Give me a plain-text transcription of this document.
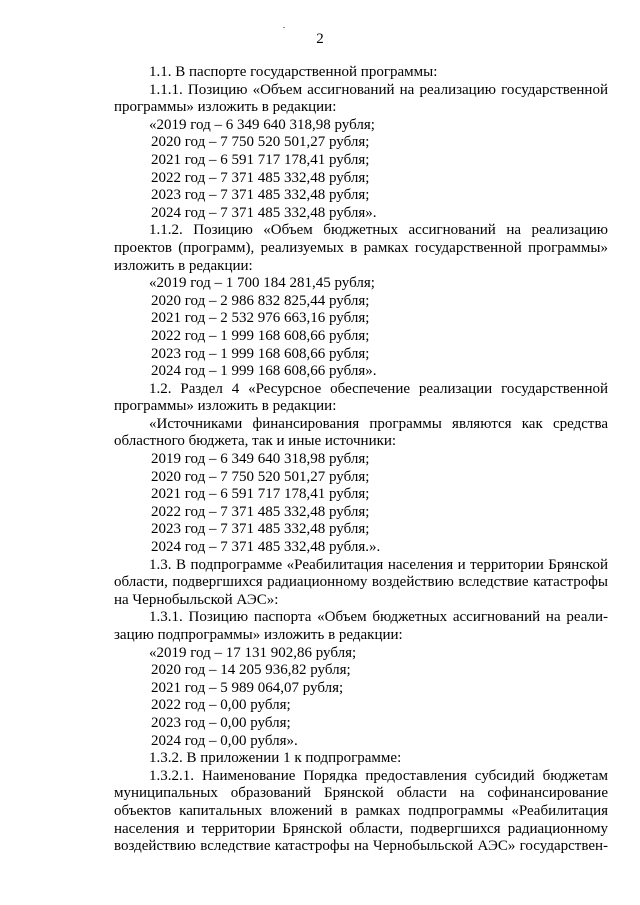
2
1.1. В паспорте государственной программы:
1.1.1. Позицию «Объем ассигнований на реализацию государственной
программы» изложить в редакции:
«2019 год – 6 349 640 318,98 рубля;
2020 год – 7 750 520 501,27 рубля;
2021 год – 6 591 717 178,41 рубля;
2022 год – 7 371 485 332,48 рубля;
2023 год – 7 371 485 332,48 рубля;
2024 год – 7 371 485 332,48 рубля».
1.1.2. Позицию «Объем бюджетных ассигнований на реализацию
проектов (программ), реализуемых в рамках государственной программы»
изложить в редакции:
«2019 год – 1 700 184 281,45 рубля;
2020 год – 2 986 832 825,44 рубля;
2021 год – 2 532 976 663,16 рубля;
2022 год – 1 999 168 608,66 рубля;
2023 год – 1 999 168 608,66 рубля;
2024 год – 1 999 168 608,66 рубля».
1.2. Раздел 4 «Ресурсное обеспечение реализации государственной
программы» изложить в редакции:
«Источниками финансирования программы являются как средства
областного бюджета, так и иные источники:
2019 год – 6 349 640 318,98 рубля;
2020 год – 7 750 520 501,27 рубля;
2021 год – 6 591 717 178,41 рубля;
2022 год – 7 371 485 332,48 рубля;
2023 год – 7 371 485 332,48 рубля;
2024 год – 7 371 485 332,48 рубля.».
1.3. В подпрограмме «Реабилитация населения и территории Брянской
области, подвергшихся радиационному воздействию вследствие катастрофы
на Чернобыльской АЭС»:
1.3.1. Позицию паспорта «Объем бюджетных ассигнований на реали-
зацию подпрограммы» изложить в редакции:
«2019 год – 17 131 902,86 рубля;
2020 год – 14 205 936,82 рубля;
2021 год – 5 989 064,07 рубля;
2022 год – 0,00 рубля;
2023 год – 0,00 рубля;
2024 год – 0,00 рубля».
1.3.2. В приложении 1 к подпрограмме:
1.3.2.1. Наименование Порядка предоставления субсидий бюджетам
муниципальных образований Брянской области на софинансирование
объектов капитальных вложений в рамках подпрограммы «Реабилитация
населения и территории Брянской области, подвергшихся радиационному
воздействию вследствие катастрофы на Чернобыльской АЭС» государствен-
